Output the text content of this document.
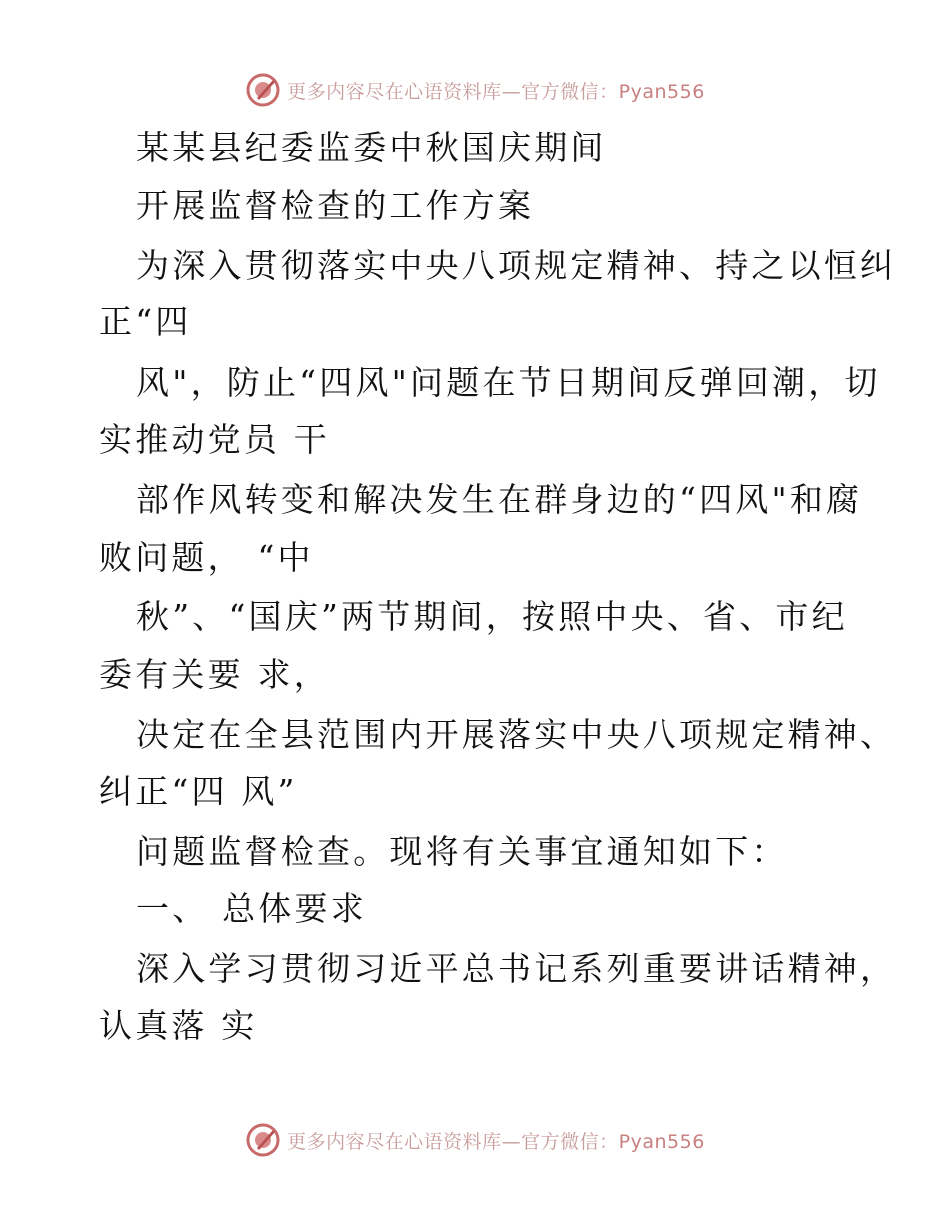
更多内容尽在心语资料库—官方微信：Pyan556
某某县纪委监委中秋国庆期间
开展监督检查的工作方案
为深入贯彻落实中央八项规定精神、持之以恒纠
正“四
风"，防止“四风"问题在节日期间反弹回潮，切
实推动党员 干
部作风转变和解决发生在群身边的“四风"和腐
败问题， “中
秋”、“国庆”两节期间，按照中央、省、市纪
委有关要 求，
决定在全县范围内开展落实中央八项规定精神、
纠正“四 风”
问题监督检查。现将有关事宜通知如下：
一、 总体要求
深入学习贯彻习近平总书记系列重要讲话精神，
认真落 实
更多内容尽在心语资料库—官方微信：Pyan556
